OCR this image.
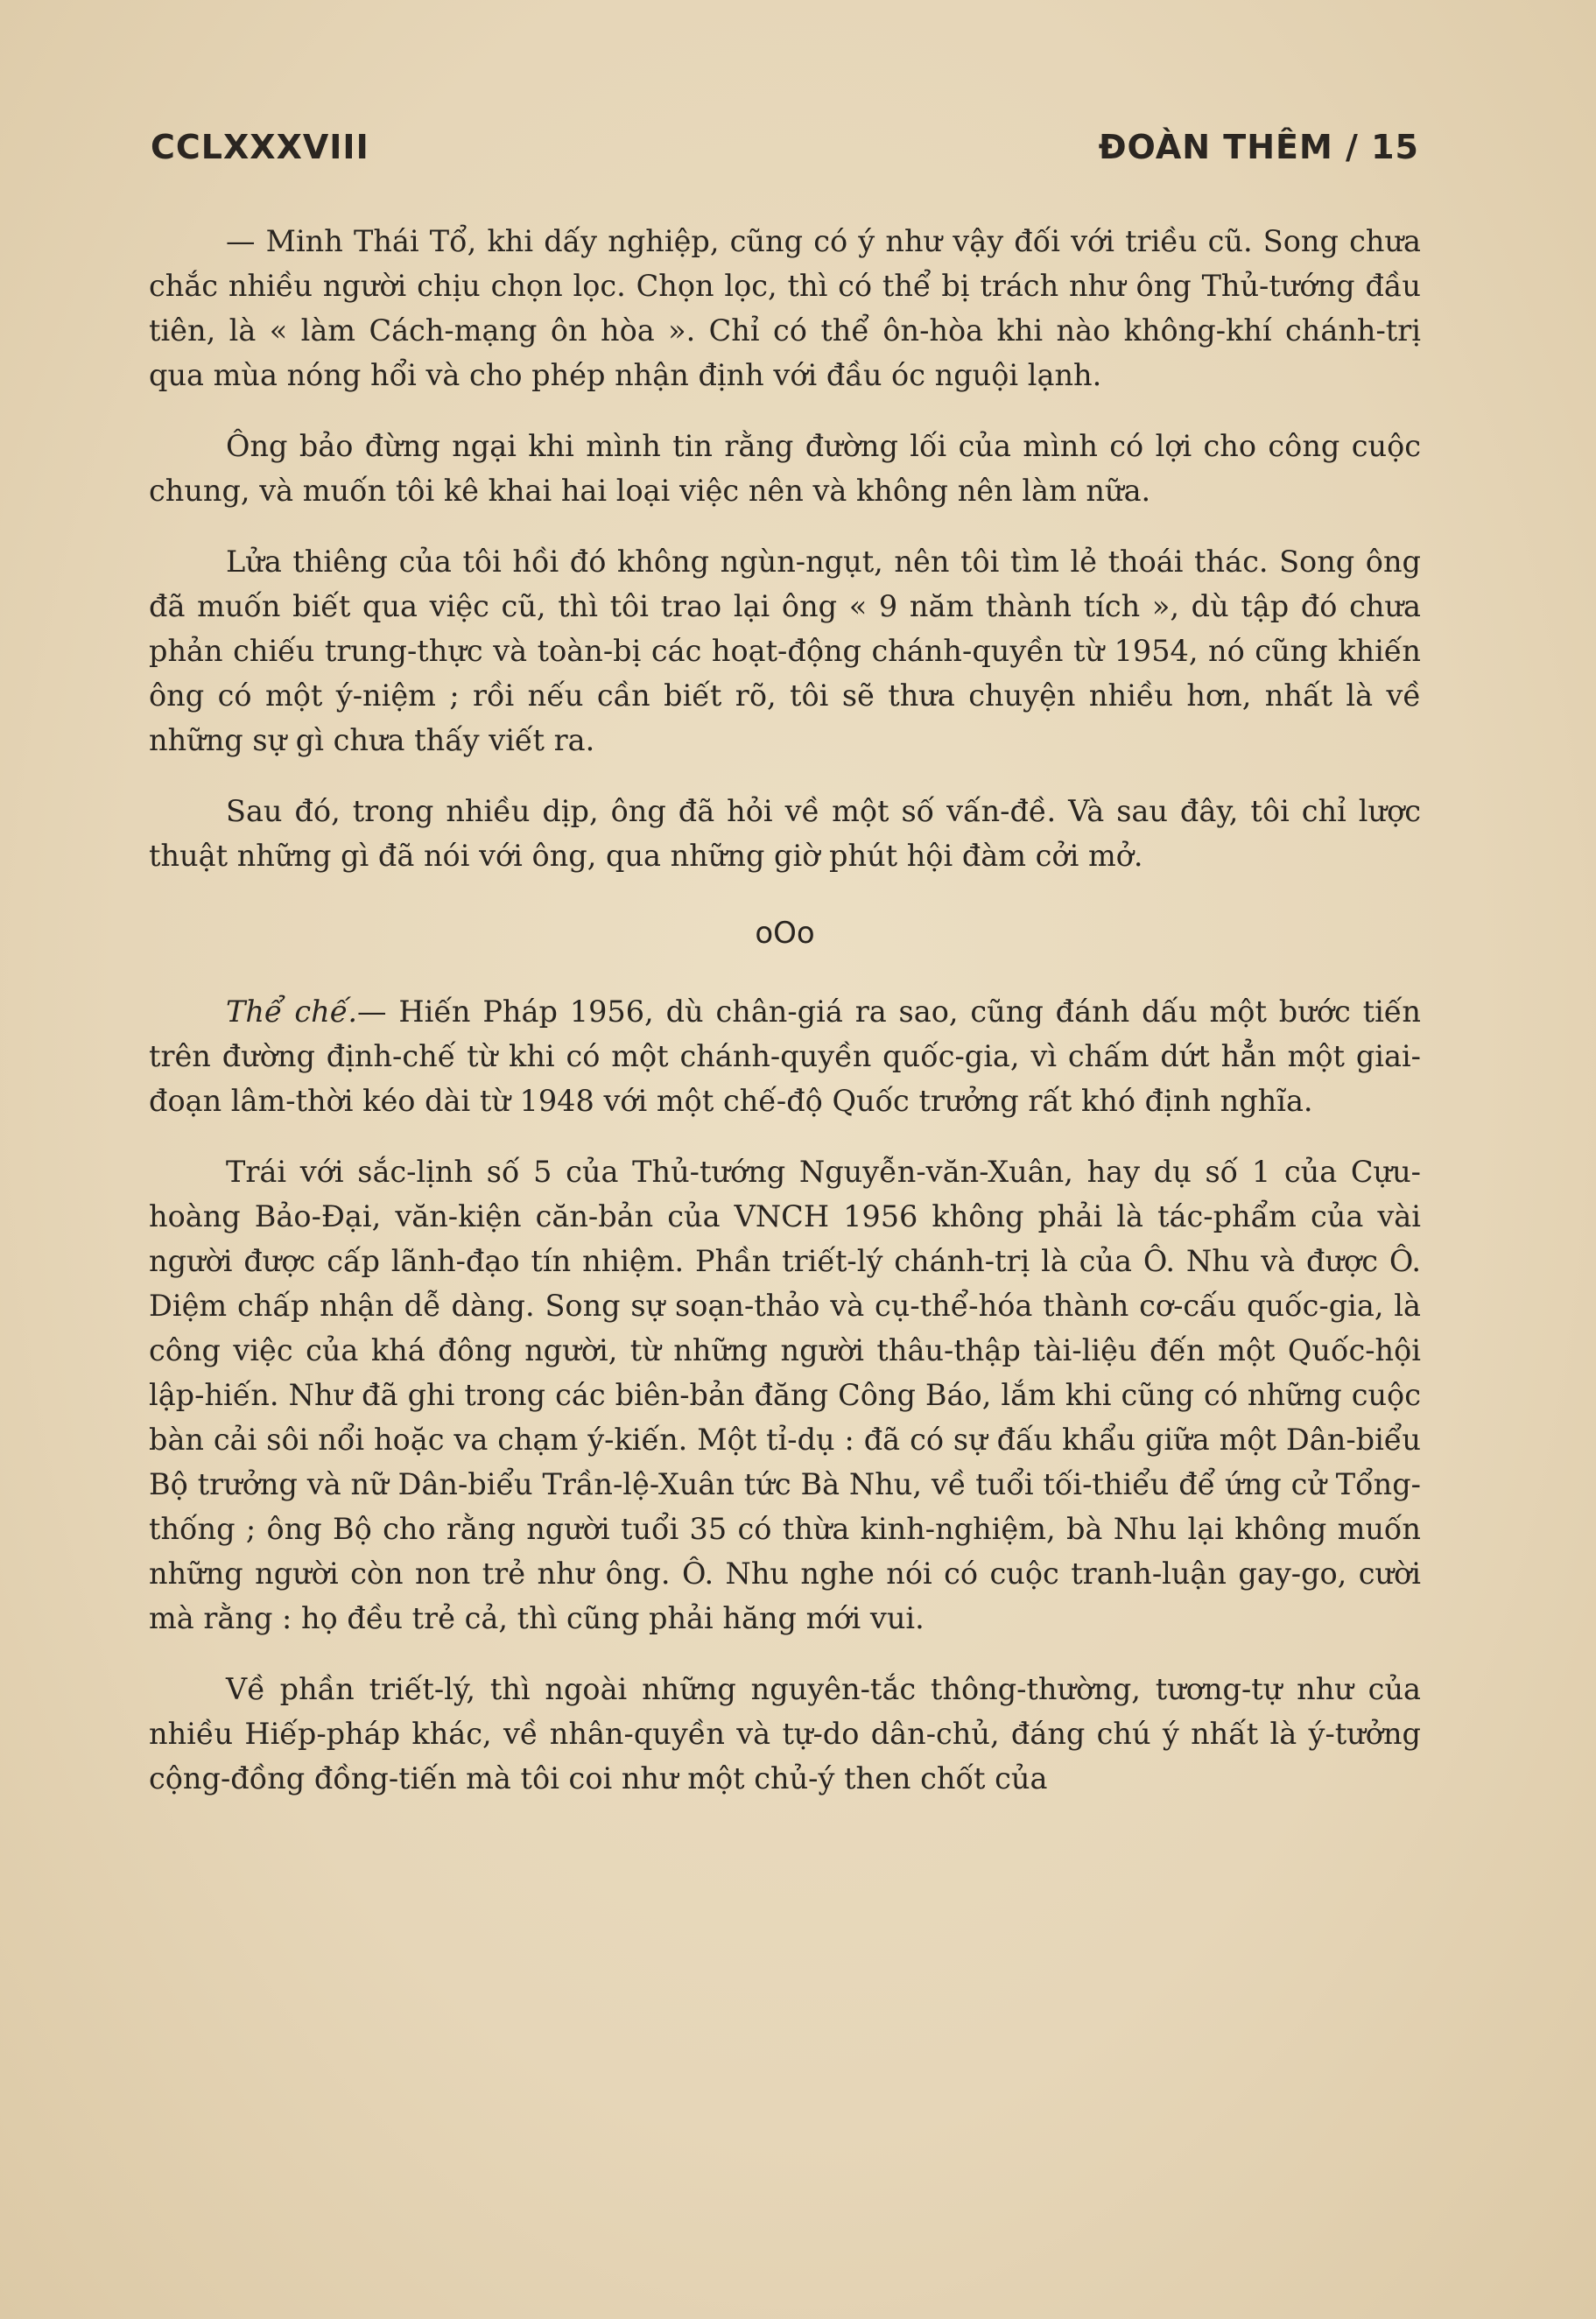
CCLXXXVIII	ĐOÀN THÊM / 15

— Minh Thái Tổ, khi dấy nghiệp, cũng có ý như vậy đối với triều cũ. Song chưa chắc nhiều người chịu chọn lọc. Chọn lọc, thì có thể bị trách như ông Thủ-tướng đầu tiên, là « làm Cách-mạng ôn hòa ». Chỉ có thể ôn-hòa khi nào không-khí chánh-trị qua mùa nóng hổi và cho phép nhận định với đầu óc nguội lạnh.

Ông bảo đừng ngại khi mình tin rằng đường lối của mình có lợi cho công cuộc chung, và muốn tôi kê khai hai loại việc nên và không nên làm nữa.

Lửa thiêng của tôi hồi đó không ngùn-ngụt, nên tôi tìm lẻ thoái thác. Song ông đã muốn biết qua việc cũ, thì tôi trao lại ông « 9 năm thành tích », dù tập đó chưa phản chiếu trung-thực và toàn-bị các hoạt-động chánh-quyền từ 1954, nó cũng khiến ông có một ý-niệm ; rồi nếu cần biết rõ, tôi sẽ thưa chuyện nhiều hơn, nhất là về những sự gì chưa thấy viết ra.

Sau đó, trong nhiều dịp, ông đã hỏi về một số vấn-đề. Và sau đây, tôi chỉ lược thuật những gì đã nói với ông, qua những giờ phút hội đàm cởi mở.

oOo

Thể chế.— Hiến Pháp 1956, dù chân-giá ra sao, cũng đánh dấu một bước tiến trên đường định-chế từ khi có một chánh-quyền quốc-gia, vì chấm dứt hẳn một giai-đoạn lâm-thời kéo dài từ 1948 với một chế-độ Quốc trưởng rất khó định nghĩa.

Trái với sắc-lịnh số 5 của Thủ-tướng Nguyễn-văn-Xuân, hay dụ số 1 của Cựu-hoàng Bảo-Đại, văn-kiện căn-bản của VNCH 1956 không phải là tác-phẩm của vài người được cấp lãnh-đạo tín nhiệm. Phần triết-lý chánh-trị là của Ô. Nhu và được Ô. Diệm chấp nhận dễ dàng. Song sự soạn-thảo và cụ-thể-hóa thành cơ-cấu quốc-gia, là công việc của khá đông người, từ những người thâu-thập tài-liệu đến một Quốc-hội lập-hiến. Như đã ghi trong các biên-bản đăng Công Báo, lắm khi cũng có những cuộc bàn cải sôi nổi hoặc va chạm ý-kiến. Một tỉ-dụ : đã có sự đấu khẩu giữa một Dân-biểu Bộ trưởng và nữ Dân-biểu Trần-lệ-Xuân tức Bà Nhu, về tuổi tối-thiểu để ứng cử Tổng-thống ; ông Bộ cho rằng người tuổi 35 có thừa kinh-nghiệm, bà Nhu lại không muốn những người còn non trẻ như ông. Ô. Nhu nghe nói có cuộc tranh-luận gay-go, cười mà rằng : họ đều trẻ cả, thì cũng phải hăng mới vui.

Về phần triết-lý, thì ngoài những nguyên-tắc thông-thường, tương-tự như của nhiều Hiếp-pháp khác, về nhân-quyền và tự-do dân-chủ, đáng chú ý nhất là ý-tưởng cộng-đồng đồng-tiến mà tôi coi như một chủ-ý then chốt của
